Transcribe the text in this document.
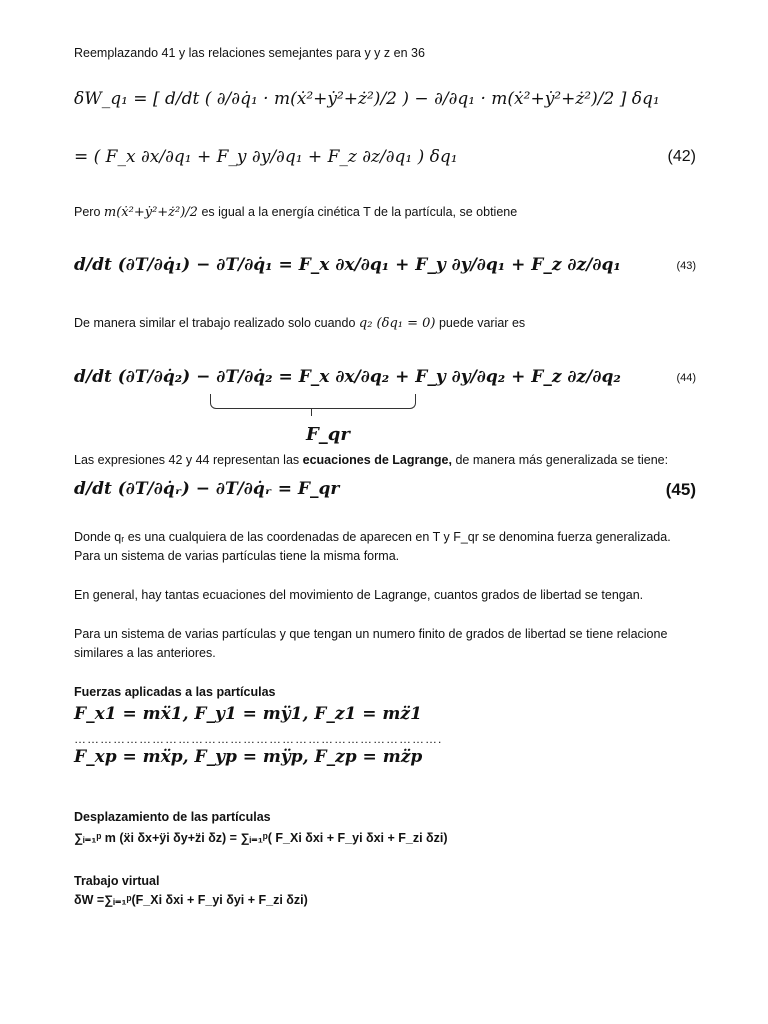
Reemplazando 41 y las relaciones semejantes para y y z en 36
δW_q₁ = [ d/dt ( ∂/∂q̇₁ · m(ẋ²+ẏ²+ż²)/2 ) − ∂/∂q₁ · m(ẋ²+ẏ²+ż²)/2 ] δq₁
= ( F_x ∂x/∂q₁ + F_y ∂y/∂q₁ + F_z ∂z/∂q₁ ) δq₁	(42)
Pero m(ẋ²+ẏ²+ż²)/2 es igual a la energía cinética T de la partícula, se obtiene
d/dt (∂T/∂q̇₁) − ∂T/∂q̇₁ = F_x ∂x/∂q₁ + F_y ∂y/∂q₁ + F_z ∂z/∂q₁	(43)
De manera similar el trabajo realizado solo cuando q₂ (δq₁ = 0) puede variar es
d/dt (∂T/∂q̇₂) − ∂T/∂q̇₂ = F_x ∂x/∂q₂ + F_y ∂y/∂q₂ + F_z ∂z/∂q₂	(44)
F_qr
Las expresiones 42 y 44 representan las ecuaciones de Lagrange, de manera más generalizada se tiene:
d/dt (∂T/∂q̇ᵣ) − ∂T/∂q̇ᵣ = F_qr	(45)
Donde qᵣ es una cualquiera de las coordenadas de aparecen en T y F_qr se denomina fuerza generalizada.
Para un sistema de varias partículas tiene la misma forma.
En general, hay tantas ecuaciones del movimiento de Lagrange, cuantos grados de libertad se tengan.
Para un sistema de varias partículas y que tengan un numero finito de grados de libertad se tiene relacione
similares a las anteriores.
Fuerzas aplicadas a las partículas
F_x1 = mẍ1, F_y1 = mÿ1, F_z1 = mz̈1
………………………………………………………………………….
F_xp = mẍp, F_yp = mÿp, F_zp = mz̈p
Desplazamiento de las partículas
∑ᵢ₌₁ᵖ m (ẍi δx+ÿi δy+z̈i δz) = ∑ᵢ₌₁ᵖ( F_Xi δxi + F_yi δxi + F_zi δzi)
Trabajo virtual
δW =∑ᵢ₌₁ᵖ(F_Xi δxi + F_yi δyi + F_zi δzi)
